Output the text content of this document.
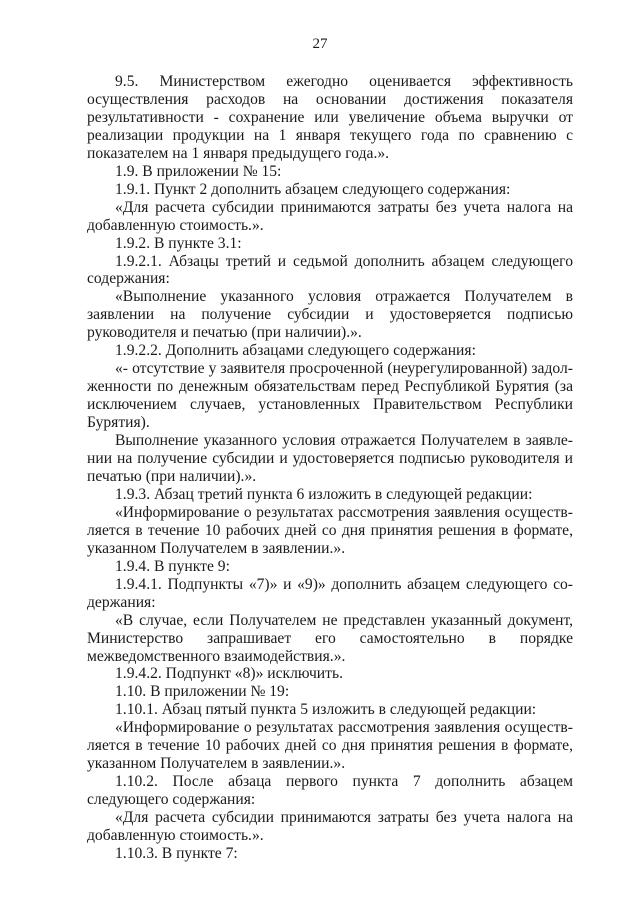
27

9.5. Министерством ежегодно оценивается эффективность осуществления расходов на основании достижения показателя результативности - сохранение или увеличение объема выручки от реализации продукции на 1 января текущего года по сравнению с показателем на 1 января предыдущего года.».

1.9. В приложении № 15:

1.9.1. Пункт 2 дополнить абзацем следующего содержания:

«Для расчета субсидии принимаются затраты без учета налога на добавленную стоимость.».

1.9.2. В пункте 3.1:

1.9.2.1. Абзацы третий и седьмой дополнить абзацем следующего содержания:

«Выполнение указанного условия отражается Получателем в заявлении на получение субсидии и удостоверяется подписью руководителя и печатью (при наличии).».

1.9.2.2. Дополнить абзацами следующего содержания:

«- отсутствие у заявителя просроченной (неурегулированной) задолженности по денежным обязательствам перед Республикой Бурятия (за исключением случаев, установленных Правительством Республики Бурятия).

Выполнение указанного условия отражается Получателем в заявлении на получение субсидии и удостоверяется подписью руководителя и печатью (при наличии).».

1.9.3. Абзац третий пункта 6 изложить в следующей редакции:

«Информирование о результатах рассмотрения заявления осуществляется в течение 10 рабочих дней со дня принятия решения в формате, указанном Получателем в заявлении.».

1.9.4. В пункте 9:

1.9.4.1. Подпункты «7)» и «9)» дополнить абзацем следующего содержания:

«В случае, если Получателем не представлен указанный документ, Министерство запрашивает его самостоятельно в порядке межведомственного взаимодействия.».

1.9.4.2. Подпункт «8)» исключить.

1.10. В приложении № 19:

1.10.1. Абзац пятый пункта 5 изложить в следующей редакции:

«Информирование о результатах рассмотрения заявления осуществляется в течение 10 рабочих дней со дня принятия решения в формате, указанном Получателем в заявлении.».

1.10.2. После абзаца первого пункта 7 дополнить абзацем следующего содержания:

«Для расчета субсидии принимаются затраты без учета налога на добавленную стоимость.».

1.10.3. В пункте 7:
